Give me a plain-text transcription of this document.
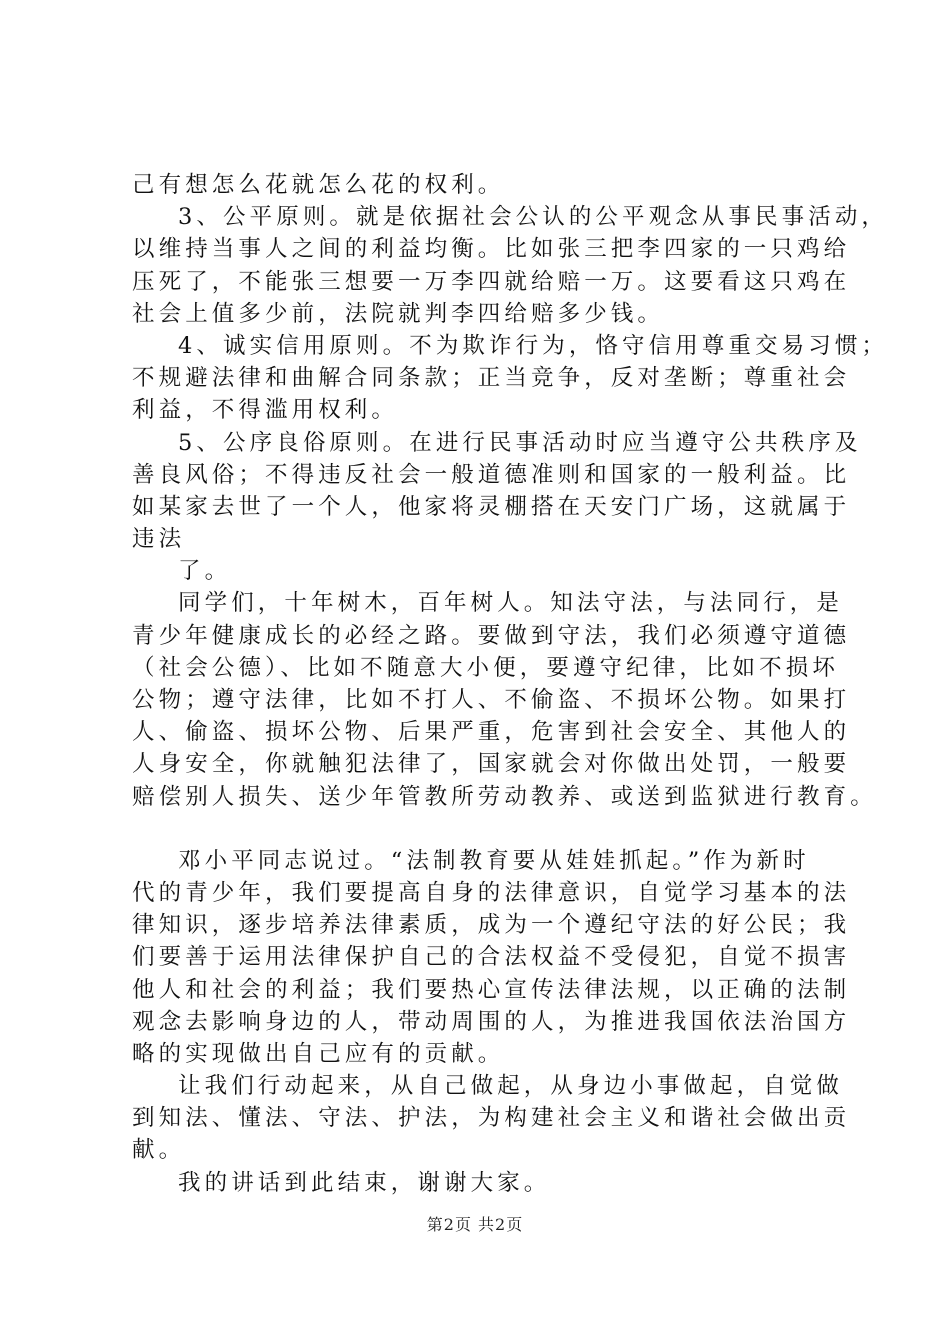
己有想怎么花就怎么花的权利。
3、公平原则。就是依据社会公认的公平观念从事民事活动，
以维持当事人之间的利益均衡。比如张三把李四家的一只鸡给
压死了，不能张三想要一万李四就给赔一万。这要看这只鸡在
社会上值多少前，法院就判李四给赔多少钱。
4、诚实信用原则。不为欺诈行为，恪守信用尊重交易习惯；
不规避法律和曲解合同条款；正当竞争，反对垄断；尊重社会
利益，不得滥用权利。
5、公序良俗原则。在进行民事活动时应当遵守公共秩序及
善良风俗；不得违反社会一般道德准则和国家的一般利益。比
如某家去世了一个人，他家将灵棚搭在天安门广场，这就属于
违法
了。
同学们，十年树木，百年树人。知法守法，与法同行，是
青少年健康成长的必经之路。要做到守法，我们必须遵守道德
（社会公德）、比如不随意大小便，要遵守纪律，比如不损坏
公物；遵守法律，比如不打人、不偷盗、不损坏公物。如果打
人、偷盗、损坏公物、后果严重，危害到社会安全、其他人的
人身安全，你就触犯法律了，国家就会对你做出处罚，一般要
赔偿别人损失、送少年管教所劳动教养、或送到监狱进行教育。
邓小平同志说过。“法制教育要从娃娃抓起。”作为新时
代的青少年，我们要提高自身的法律意识，自觉学习基本的法
律知识，逐步培养法律素质，成为一个遵纪守法的好公民；我
们要善于运用法律保护自己的合法权益不受侵犯，自觉不损害
他人和社会的利益；我们要热心宣传法律法规，以正确的法制
观念去影响身边的人，带动周围的人，为推进我国依法治国方
略的实现做出自己应有的贡献。
让我们行动起来，从自己做起，从身边小事做起，自觉做
到知法、懂法、守法、护法，为构建社会主义和谐社会做出贡
献。
我的讲话到此结束，谢谢大家。
第2页 共2页
